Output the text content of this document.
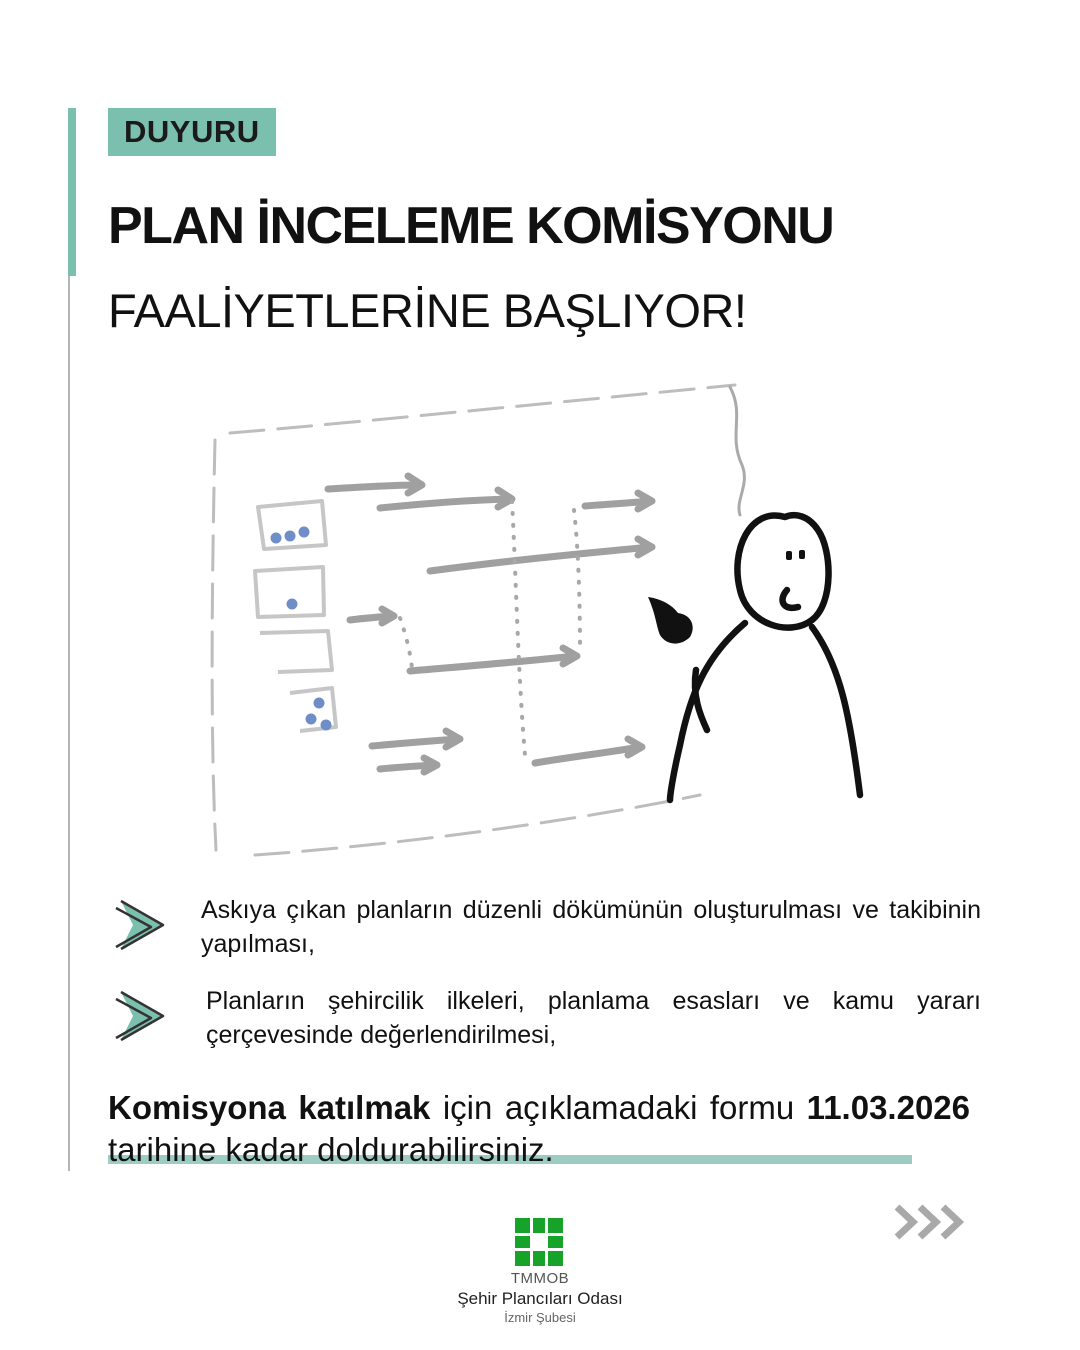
DUYURU
PLAN İNCELEME KOMİSYONU
FAALİYETLERİNE BAŞLIYOR!
Askıya çıkan planların düzenli dökümünün oluşturulması ve takibinin yapılması,
Planların şehircilik ilkeleri, planlama esasları ve kamu yararı çerçevesinde değerlendirilmesi,
Komisyona katılmak için açıklamadaki formu 11.03.2026 tarihine kadar doldurabilirsiniz.
TMMOB
Şehir Plancıları Odası
İzmir Şubesi
